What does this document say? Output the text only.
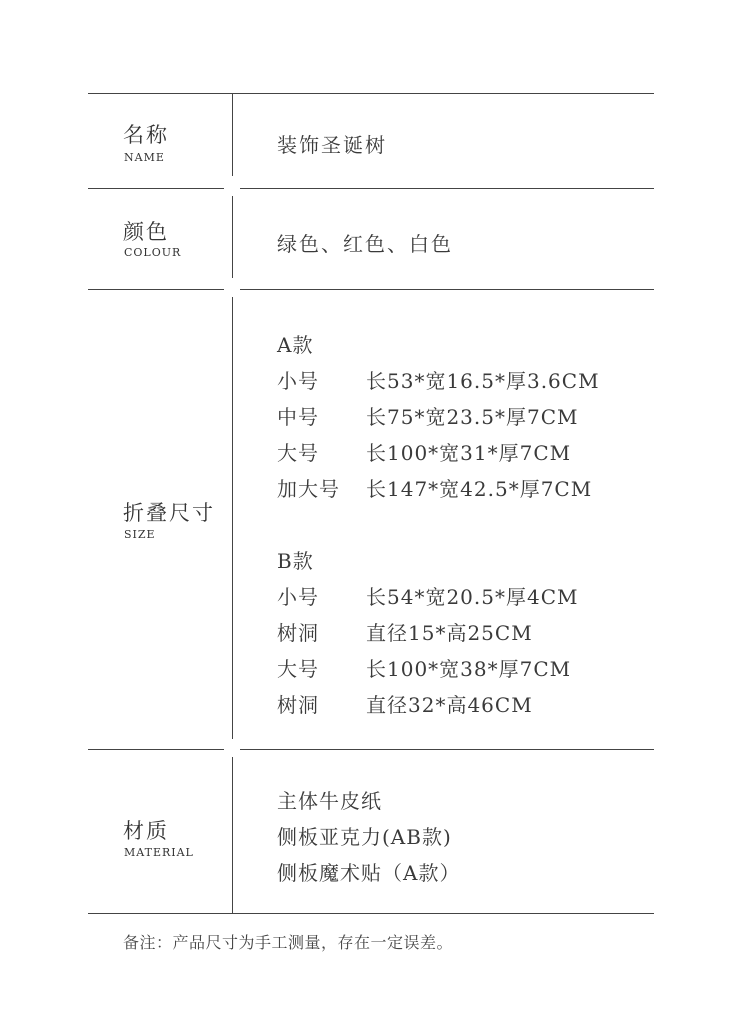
名称
NAME
装饰圣诞树
颜色
COLOUR	绿色、红色、白色
折叠尺寸
SIZE
A款
小号 长53*宽16.5*厚3.6CM
中号 长75*宽23.5*厚7CM
大号 长100*宽31*厚7CM
加大号 长147*宽42.5*厚7CM
B款
小号 长54*宽20.5*厚4CM
树洞 直径15*高25CM
大号 长100*宽38*厚7CM
树洞 直径32*高46CM
材质
MATERIAL
主体牛皮纸
侧板亚克力(AB款)
侧板魔术贴（A款）
备注：产品尺寸为手工测量，存在一定误差。
